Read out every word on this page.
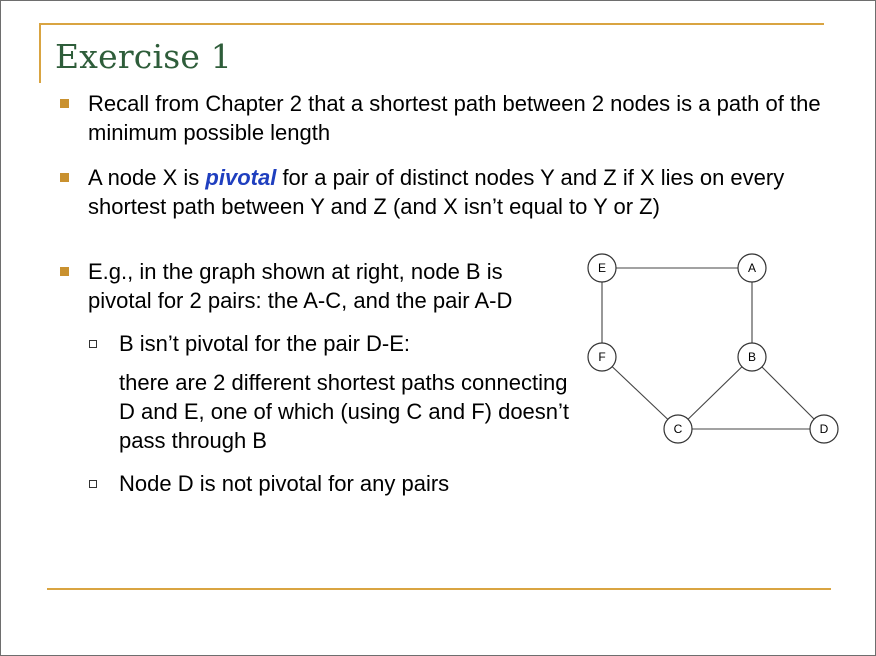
Exercise 1
Recall from Chapter 2 that a shortest path between 2 nodes is a path of the minimum possible length
A node X is pivotal for a pair of distinct nodes Y and Z if X lies on every shortest path between Y and Z (and X isn’t equal to Y or Z)
E.g., in the graph shown at right, node B is pivotal for 2 pairs: the A-C, and the pair A-D
B isn’t pivotal for the pair D-E:
there are 2 different shortest paths connecting D and E, one of which (using C and F) doesn’t pass through B
Node D is not pivotal for any pairs
E	A
F	B
C	D
